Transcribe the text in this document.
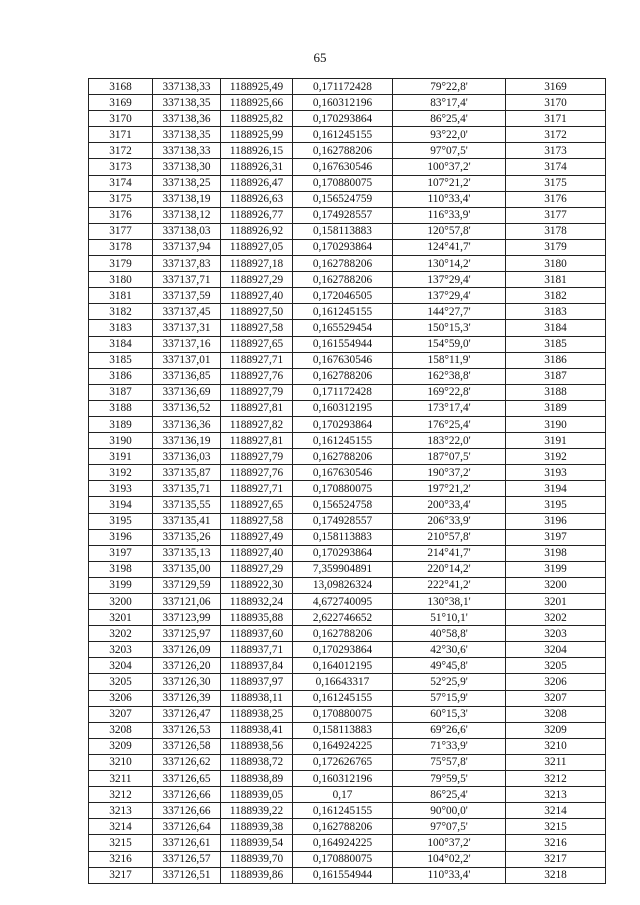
65
3168	337138,33	1188925,49	0,171172428	79°22,8'	3169
3169	337138,35	1188925,66	0,160312196	83°17,4'	3170
3170	337138,36	1188925,82	0,170293864	86°25,4'	3171
3171	337138,35	1188925,99	0,161245155	93°22,0'	3172
3172	337138,33	1188926,15	0,162788206	97°07,5'	3173
3173	337138,30	1188926,31	0,167630546	100°37,2'	3174
3174	337138,25	1188926,47	0,170880075	107°21,2'	3175
3175	337138,19	1188926,63	0,156524759	110°33,4'	3176
3176	337138,12	1188926,77	0,174928557	116°33,9'	3177
3177	337138,03	1188926,92	0,158113883	120°57,8'	3178
3178	337137,94	1188927,05	0,170293864	124°41,7'	3179
3179	337137,83	1188927,18	0,162788206	130°14,2'	3180
3180	337137,71	1188927,29	0,162788206	137°29,4'	3181
3181	337137,59	1188927,40	0,172046505	137°29,4'	3182
3182	337137,45	1188927,50	0,161245155	144°27,7'	3183
3183	337137,31	1188927,58	0,165529454	150°15,3'	3184
3184	337137,16	1188927,65	0,161554944	154°59,0'	3185
3185	337137,01	1188927,71	0,167630546	158°11,9'	3186
3186	337136,85	1188927,76	0,162788206	162°38,8'	3187
3187	337136,69	1188927,79	0,171172428	169°22,8'	3188
3188	337136,52	1188927,81	0,160312195	173°17,4'	3189
3189	337136,36	1188927,82	0,170293864	176°25,4'	3190
3190	337136,19	1188927,81	0,161245155	183°22,0'	3191
3191	337136,03	1188927,79	0,162788206	187°07,5'	3192
3192	337135,87	1188927,76	0,167630546	190°37,2'	3193
3193	337135,71	1188927,71	0,170880075	197°21,2'	3194
3194	337135,55	1188927,65	0,156524758	200°33,4'	3195
3195	337135,41	1188927,58	0,174928557	206°33,9'	3196
3196	337135,26	1188927,49	0,158113883	210°57,8'	3197
3197	337135,13	1188927,40	0,170293864	214°41,7'	3198
3198	337135,00	1188927,29	7,359904891	220°14,2'	3199
3199	337129,59	1188922,30	13,09826324	222°41,2'	3200
3200	337121,06	1188932,24	4,672740095	130°38,1'	3201
3201	337123,99	1188935,88	2,622746652	51°10,1'	3202
3202	337125,97	1188937,60	0,162788206	40°58,8'	3203
3203	337126,09	1188937,71	0,170293864	42°30,6'	3204
3204	337126,20	1188937,84	0,164012195	49°45,8'	3205
3205	337126,30	1188937,97	0,16643317	52°25,9'	3206
3206	337126,39	1188938,11	0,161245155	57°15,9'	3207
3207	337126,47	1188938,25	0,170880075	60°15,3'	3208
3208	337126,53	1188938,41	0,158113883	69°26,6'	3209
3209	337126,58	1188938,56	0,164924225	71°33,9'	3210
3210	337126,62	1188938,72	0,172626765	75°57,8'	3211
3211	337126,65	1188938,89	0,160312196	79°59,5'	3212
3212	337126,66	1188939,05	0,17	86°25,4'	3213
3213	337126,66	1188939,22	0,161245155	90°00,0'	3214
3214	337126,64	1188939,38	0,162788206	97°07,5'	3215
3215	337126,61	1188939,54	0,164924225	100°37,2'	3216
3216	337126,57	1188939,70	0,170880075	104°02,2'	3217
3217	337126,51	1188939,86	0,161554944	110°33,4'	3218
